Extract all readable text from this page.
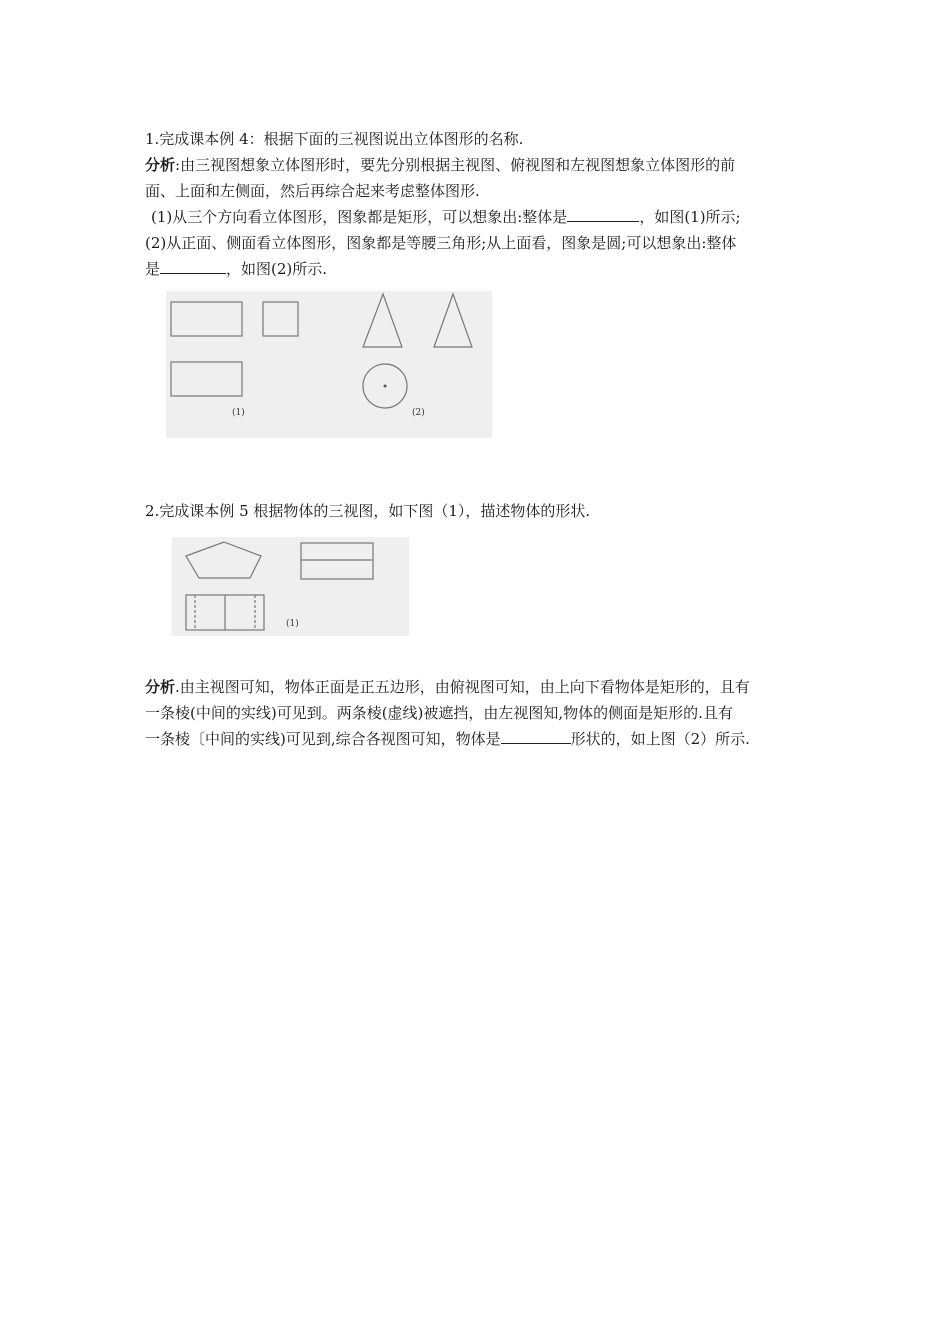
1.完成课本例 4：根据下面的三视图说出立体图形的名称.
分析:由三视图想象立体图形时，要先分别根据主视图、俯视图和左视图想象立体图形的前
面、上面和左侧面，然后再综合起来考虑整体图形.
(1)从三个方向看立体图形，图象都是矩形，可以想象出:整体是	，如图(1)所示;
(2)从正面、侧面看立体图形，图象都是等腰三角形;从上面看，图象是圆;可以想象出:整体
是	，如图(2)所示.
(1)	(2)
2.完成课本例 5 根据物体的三视图，如下图（1），描述物体的形状.
(1)
分析.由主视图可知，物体正面是正五边形，由俯视图可知，由上向下看物体是矩形的，且有
一条棱(中间的实线)可见到。两条棱(虚线)被遮挡，由左视图知,物体的侧面是矩形的.且有
一条棱〔中间的实线)可见到,综合各视图可知，物体是	形状的，如上图（2）所示.
